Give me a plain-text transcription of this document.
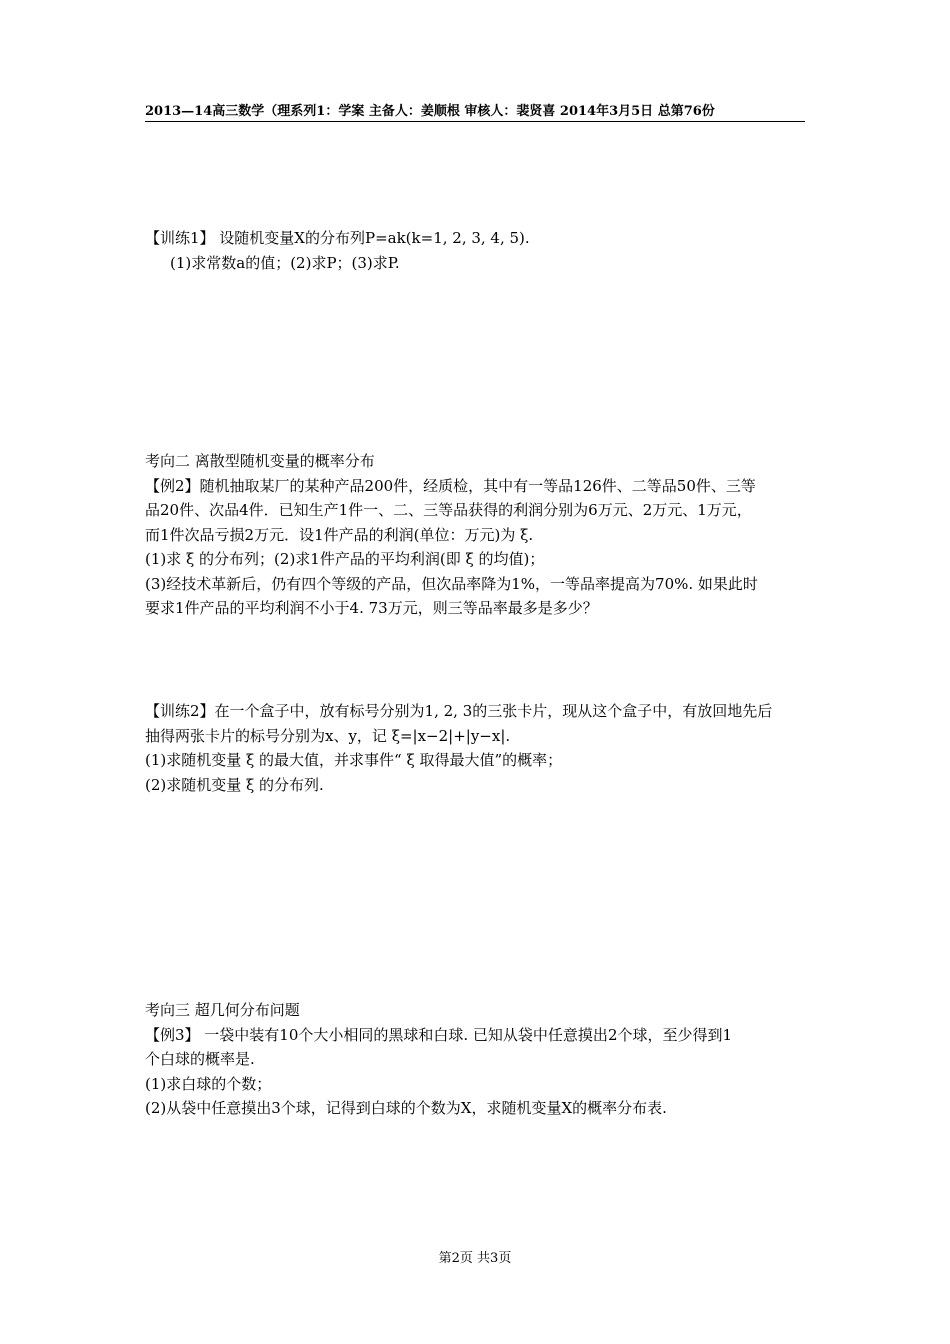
2013—14高三数学（理系列1：学案 主备人：姜顺根 审核人：裴贤喜 2014年3月5日 总第76份

【训练1】 设随机变量X的分布列P=ak(k=1, 2, 3, 4, 5).

(1)求常数a的值；(2)求P；(3)求P.

考向二 离散型随机变量的概率分布

【例2】随机抽取某厂的某种产品200件，经质检，其中有一等品126件、二等品50件、三等

品20件、次品4件．已知生产1件一、二、三等品获得的利润分别为6万元、2万元、1万元，

而1件次品亏损2万元．设1件产品的利润(单位：万元)为 ξ.

(1)求 ξ 的分布列；(2)求1件产品的平均利润(即 ξ 的均值)；

(3)经技术革新后，仍有四个等级的产品，但次品率降为1%，一等品率提高为70%. 如果此时

要求1件产品的平均利润不小于4. 73万元，则三等品率最多是多少？

【训练2】在一个盒子中，放有标号分别为1, 2, 3的三张卡片，现从这个盒子中，有放回地先后

抽得两张卡片的标号分别为x、y，记 ξ=|x−2|+|y−x|.

(1)求随机变量 ξ 的最大值，并求事件“ ξ 取得最大值”的概率；

(2)求随机变量 ξ 的分布列.

考向三 超几何分布问题

【例3】 一袋中装有10个大小相同的黑球和白球. 已知从袋中任意摸出2个球，至少得到1

个白球的概率是.

(1)求白球的个数；

(2)从袋中任意摸出3个球，记得到白球的个数为X，求随机变量X的概率分布表.

第2页 共3页
